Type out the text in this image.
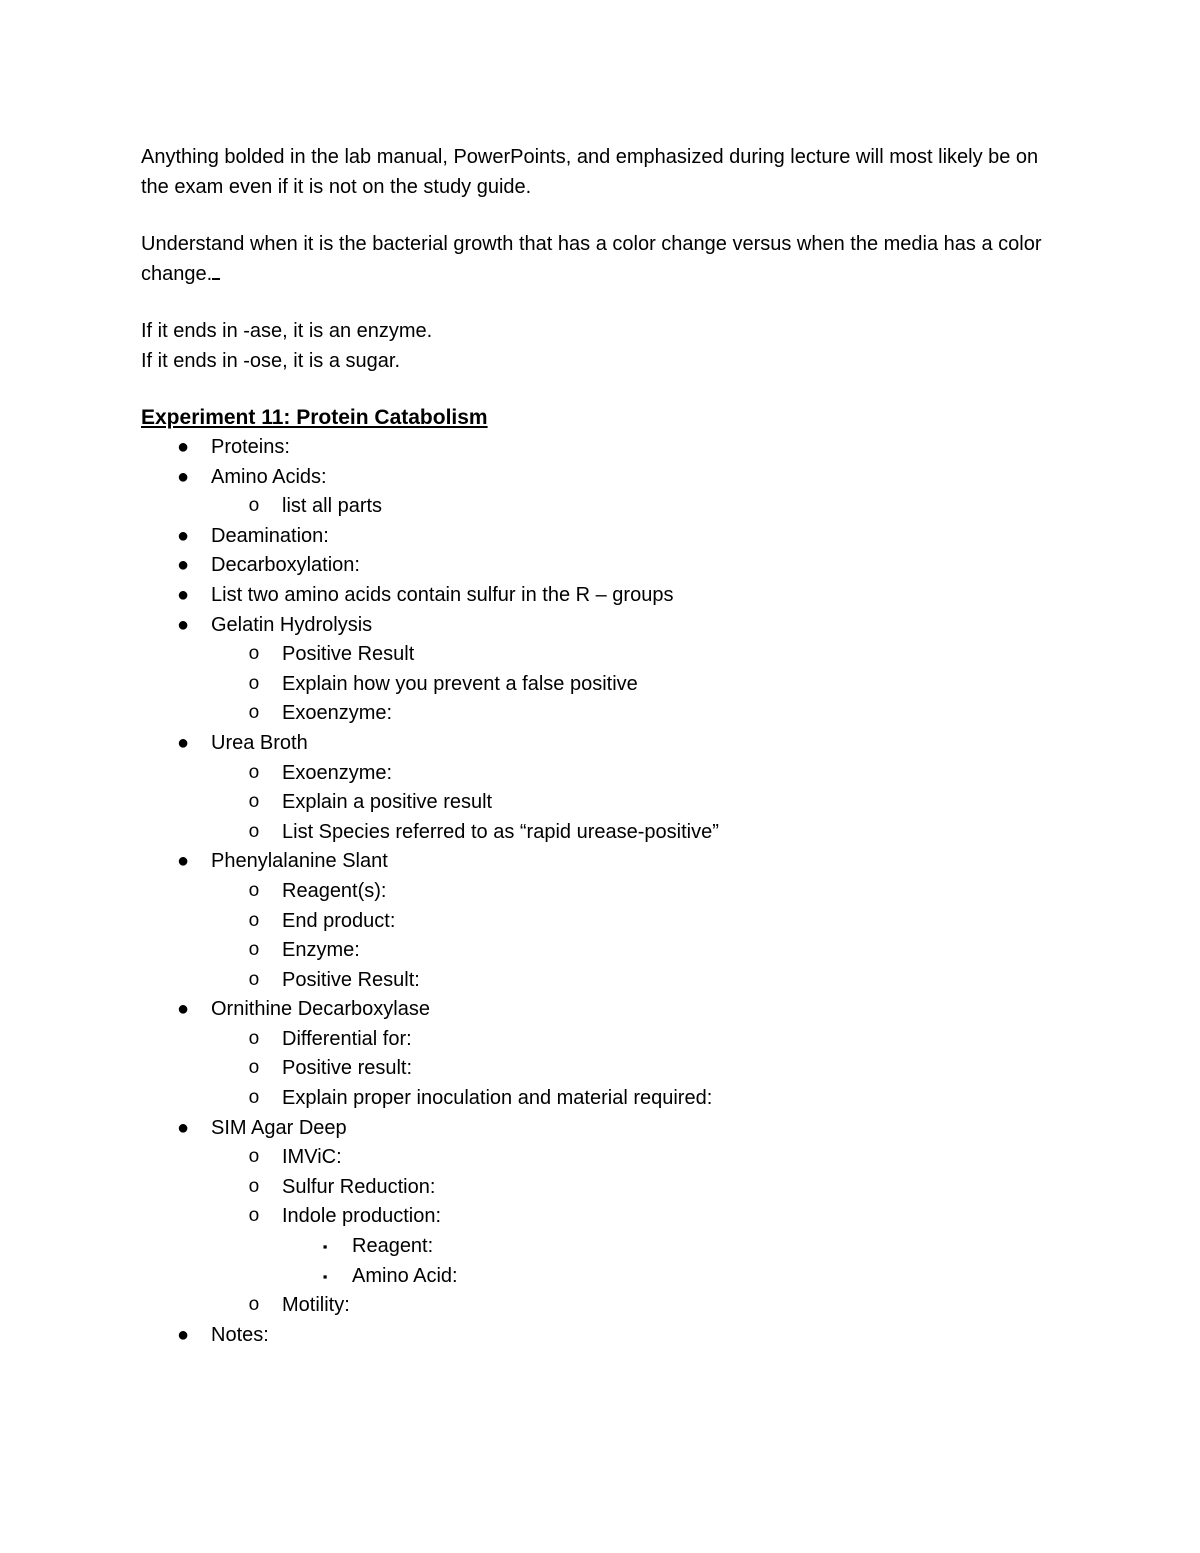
Anything bolded in the lab manual, PowerPoints, and emphasized during lecture will most likely be on the exam even if it is not on the study guide.

Understand when it is the bacterial growth that has a color change versus when the media has a color change.

If it ends in -ase, it is an enzyme.

If it ends in -ose, it is a sugar.

Experiment 11: Protein Catabolism
● Proteins:
● Amino Acids:
o list all parts
● Deamination:
● Decarboxylation:
● List two amino acids contain sulfur in the R – groups
● Gelatin Hydrolysis
o Positive Result
o Explain how you prevent a false positive
o Exoenzyme:
● Urea Broth
o Exoenzyme:
o Explain a positive result
o List Species referred to as “rapid urease-positive”
● Phenylalanine Slant
o Reagent(s):
o End product:
o Enzyme:
o Positive Result:
● Ornithine Decarboxylase
o Differential for:
o Positive result:
o Explain proper inoculation and material required:
● SIM Agar Deep
o IMViC:
o Sulfur Reduction:
o Indole production:
▪	Reagent:
▪	Amino Acid:
o Motility:
● Notes:
